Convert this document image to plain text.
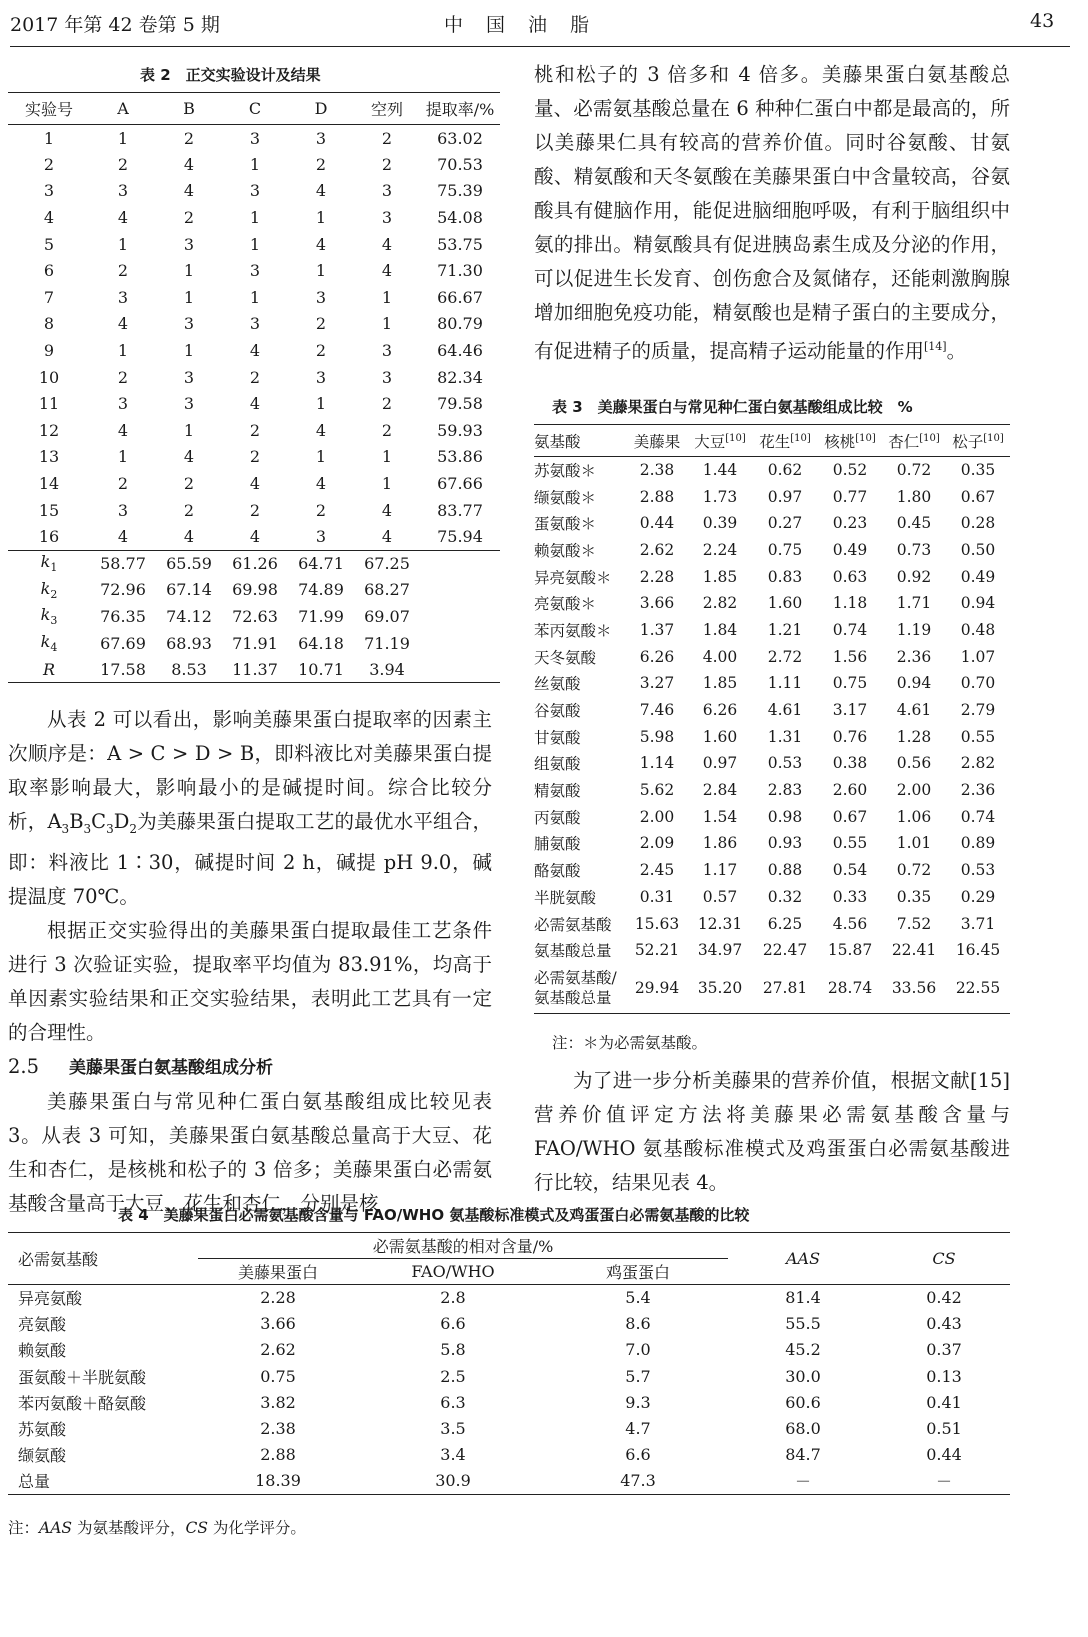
2017 年第 42 卷第 5 期	中　国　油　脂	43
表 2　正交实验设计及结果
实验号	A	B	C	D	空列	提取率/%
1	1	2	3	3	2	63.02
2	2	4	1	2	2	70.53
3	3	4	3	4	3	75.39
4	4	2	1	1	3	54.08
5	1	3	1	4	4	53.75
6	2	1	3	1	4	71.30
7	3	1	1	3	1	66.67
8	4	3	3	2	1	80.79
9	1	1	4	2	3	64.46
10	2	3	2	3	3	82.34
11	3	3	4	1	2	79.58
12	4	1	2	4	2	59.93
13	1	4	2	1	1	53.86
14	2	2	4	4	1	67.66
15	3	2	2	2	4	83.77
16	4	4	4	3	4	75.94
$k_1$	58.77	65.59	61.26	64.71	67.25	
$k_2$	72.96	67.14	69.98	74.89	68.27	
$k_3$	76.35	74.12	72.63	71.99	69.07	
$k_4$	67.69	68.93	71.91	64.18	71.19	
R	17.58	8.53	11.37	10.71	3.94	

从表 2 可以看出，影响美藤果蛋白提取率的因素主次顺序是：A > C > D > B，即料液比对美藤果蛋白提取率影响最大，影响最小的是碱提时间。综合比较分析，$A_3B_3C_3D_2$为美藤果蛋白提取工艺的最优水平组合，即：料液比 1∶30，碱提时间 2 h，碱提 pH 9.0，碱提温度 70℃。

根据正交实验得出的美藤果蛋白提取最佳工艺条件进行 3 次验证实验，提取率平均值为 83.91%，均高于单因素实验结果和正交实验结果，表明此工艺具有一定的合理性。

2.5 美藤果蛋白氨基酸组成分析

美藤果蛋白与常见种仁蛋白氨基酸组成比较见表 3。从表 3 可知，美藤果蛋白氨基酸总量高于大豆、花生和杏仁，是核桃和松子的 3 倍多；美藤果蛋白必需氨基酸含量高于大豆、花生和杏仁，分别是核

桃和松子的 3 倍多和 4 倍多。美藤果蛋白氨基酸总量、必需氨基酸总量在 6 种种仁蛋白中都是最高的，所以美藤果仁具有较高的营养价值。同时谷氨酸、甘氨酸、精氨酸和天冬氨酸在美藤果蛋白中含量较高，谷氨酸具有健脑作用，能促进脑细胞呼吸，有利于脑组织中氨的排出。精氨酸具有促进胰岛素生成及分泌的作用，可以促进生长发育、创伤愈合及氮储存，还能刺激胸腺增加细胞免疫功能，精氨酸也是精子蛋白的主要成分，有促进精子的质量，提高精子运动能量的作用[14]。

表 3　美藤果蛋白与常见种仁蛋白氨基酸组成比较　%
氨基酸	美藤果	大豆[10]	花生[10]	核桃[10]	杏仁[10]	松子[10]
苏氨酸＊	2.38	1.44	0.62	0.52	0.72	0.35
缬氨酸＊	2.88	1.73	0.97	0.77	1.80	0.67
蛋氨酸＊	0.44	0.39	0.27	0.23	0.45	0.28
赖氨酸＊	2.62	2.24	0.75	0.49	0.73	0.50
异亮氨酸＊	2.28	1.85	0.83	0.63	0.92	0.49
亮氨酸＊	3.66	2.82	1.60	1.18	1.71	0.94
苯丙氨酸＊	1.37	1.84	1.21	0.74	1.19	0.48
天冬氨酸	6.26	4.00	2.72	1.56	2.36	1.07
丝氨酸	3.27	1.85	1.11	0.75	0.94	0.70
谷氨酸	7.46	6.26	4.61	3.17	4.61	2.79
甘氨酸	5.98	1.60	1.31	0.76	1.28	0.55
组氨酸	1.14	0.97	0.53	0.38	0.56	2.82
精氨酸	5.62	2.84	2.83	2.60	2.00	2.36
丙氨酸	2.00	1.54	0.98	0.67	1.06	0.74
脯氨酸	2.09	1.86	0.93	0.55	1.01	0.89
酪氨酸	2.45	1.17	0.88	0.54	0.72	0.53
半胱氨酸	0.31	0.57	0.32	0.33	0.35	0.29
必需氨基酸	15.63	12.31	6.25	4.56	7.52	3.71
氨基酸总量	52.21	34.97	22.47	15.87	22.41	16.45

必需氨基酸/
氨基酸总量	29.94	35.20	27.81	28.74	33.56	22.55
注：＊为必需氨基酸。

为了进一步分析美藤果的营养价值，根据文献[15]营养价值评定方法将美藤果必需氨基酸含量与 FAO/WHO 氨基酸标准模式及鸡蛋蛋白必需氨基酸进行比较，结果见表 4。

表 4　美藤果蛋白必需氨基酸含量与 FAO/WHO 氨基酸标准模式及鸡蛋蛋白必需氨基酸的比较
必需氨基酸	必需氨基酸的相对含量/%			AAS	CS
	美藤果蛋白	FAO/WHO	鸡蛋蛋白		
异亮氨酸	2.28	2.8	5.4	81.4	0.42
亮氨酸	3.66	6.6	8.6	55.5	0.43
赖氨酸	2.62	5.8	7.0	45.2	0.37
蛋氨酸＋半胱氨酸	0.75	2.5	5.7	30.0	0.13
苯丙氨酸＋酪氨酸	3.82	6.3	9.3	60.6	0.41
苏氨酸	2.38	3.5	4.7	68.0	0.51
缬氨酸	2.88	3.4	6.6	84.7	0.44
总量	18.39	30.9	47.3	－	－
注：AAS 为氨基酸评分，CS 为化学评分。
